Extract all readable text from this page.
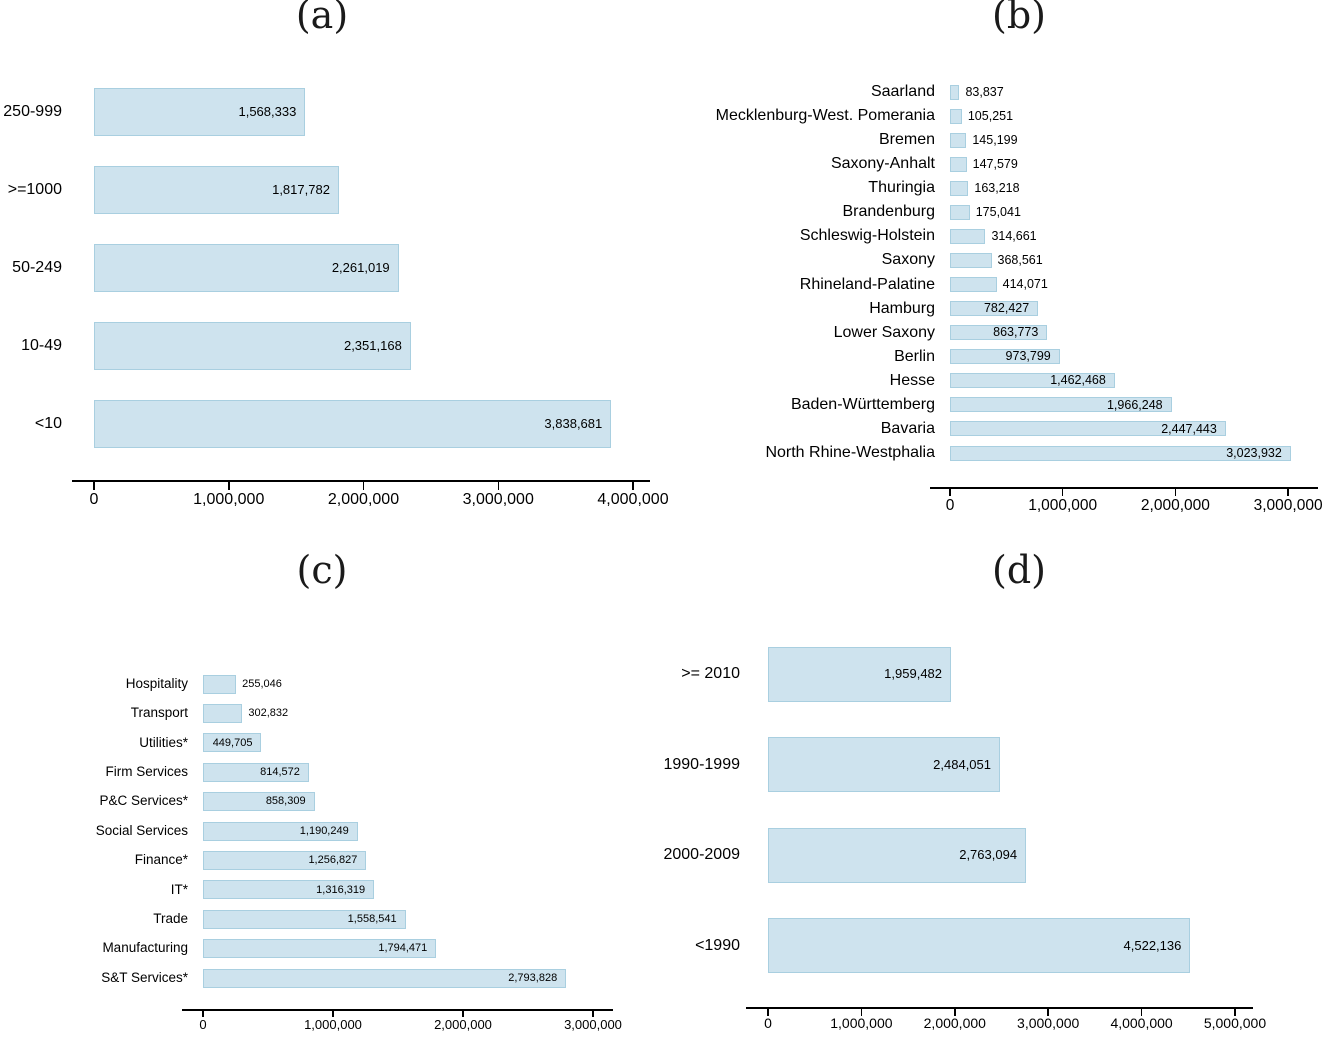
(a)	(b)
(c)	(d)
250-999	1,568,333
>=1000	1,817,782
50-249	2,261,019
10-49	2,351,168
<10	3,838,681
0	1,000,000	2,000,000	3,000,000	4,000,000
Saarland 83,837
Mecklenburg-West. Pomerania	105,251
Bremen	145,199
Saxony-Anhalt	147,579
Thuringia	163,218
Brandenburg	175,041
Schleswig-Holstein	314,661
Saxony	368,561
Rhineland-Palatine	414,071
Hamburg	782,427
Lower Saxony	863,773
Berlin	973,799
Hesse	1,462,468
Baden-Württemberg	1,966,248
Bavaria	2,447,443
North Rhine-Westphalia	3,023,932
0	1,000,000	2,000,000	3,000,000
Hospitality	255,046
Transport	302,832
Utilities*	449,705
Firm Services	814,572
P&C Services*	858,309
Social Services	1,190,249
Finance*	1,256,827
IT*	1,316,319
Trade	1,558,541
Manufacturing	1,794,471
S&T Services*	2,793,828
0	1,000,000	2,000,000	3,000,000
>= 2010	1,959,482
1990-1999	2,484,051
2000-2009	2,763,094
<1990	4,522,136
0	1,000,000	2,000,000	3,000,000	4,000,000	5,000,000
